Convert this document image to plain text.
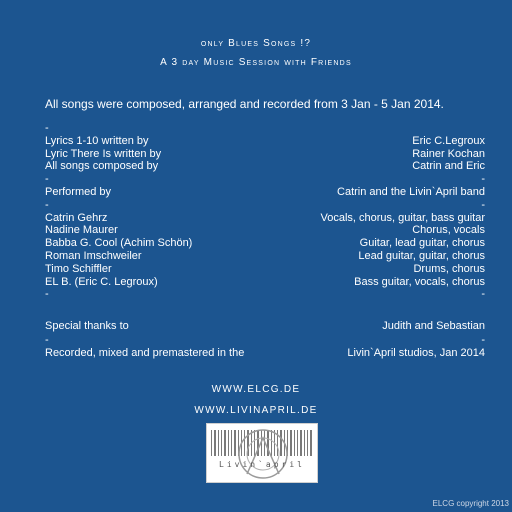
only Blues Songs !?
A 3 day Music Session with Friends
All songs were composed, arranged and recorded from 3 Jan - 5 Jan 2014.
-
Lyrics 1-10 written by	Eric C.Legroux
Lyric There Is written by	Rainer Kochan
All songs composed by	Catrin and Eric
-	-
Performed by	Catrin and the Livin`April band
-	-
Catrin Gehrz	Vocals, chorus, guitar, bass guitar
Nadine Maurer	Chorus, vocals
Babba G. Cool (Achim Schön)	Guitar, lead guitar, chorus
Roman Imschweiler	Lead guitar, guitar, chorus
Timo Schiffler	Drums, chorus
EL B. (Eric C. Legroux)	Bass guitar, vocals, chorus
-	-
Special thanks to	Judith and Sebastian
-	-
Recorded, mixed and premastered in the	Livin`April studios, Jan 2014
WWW.ELCG.DE
WWW.LIVINAPRIL.DE
Livin`april
ELCG copyright 2013
